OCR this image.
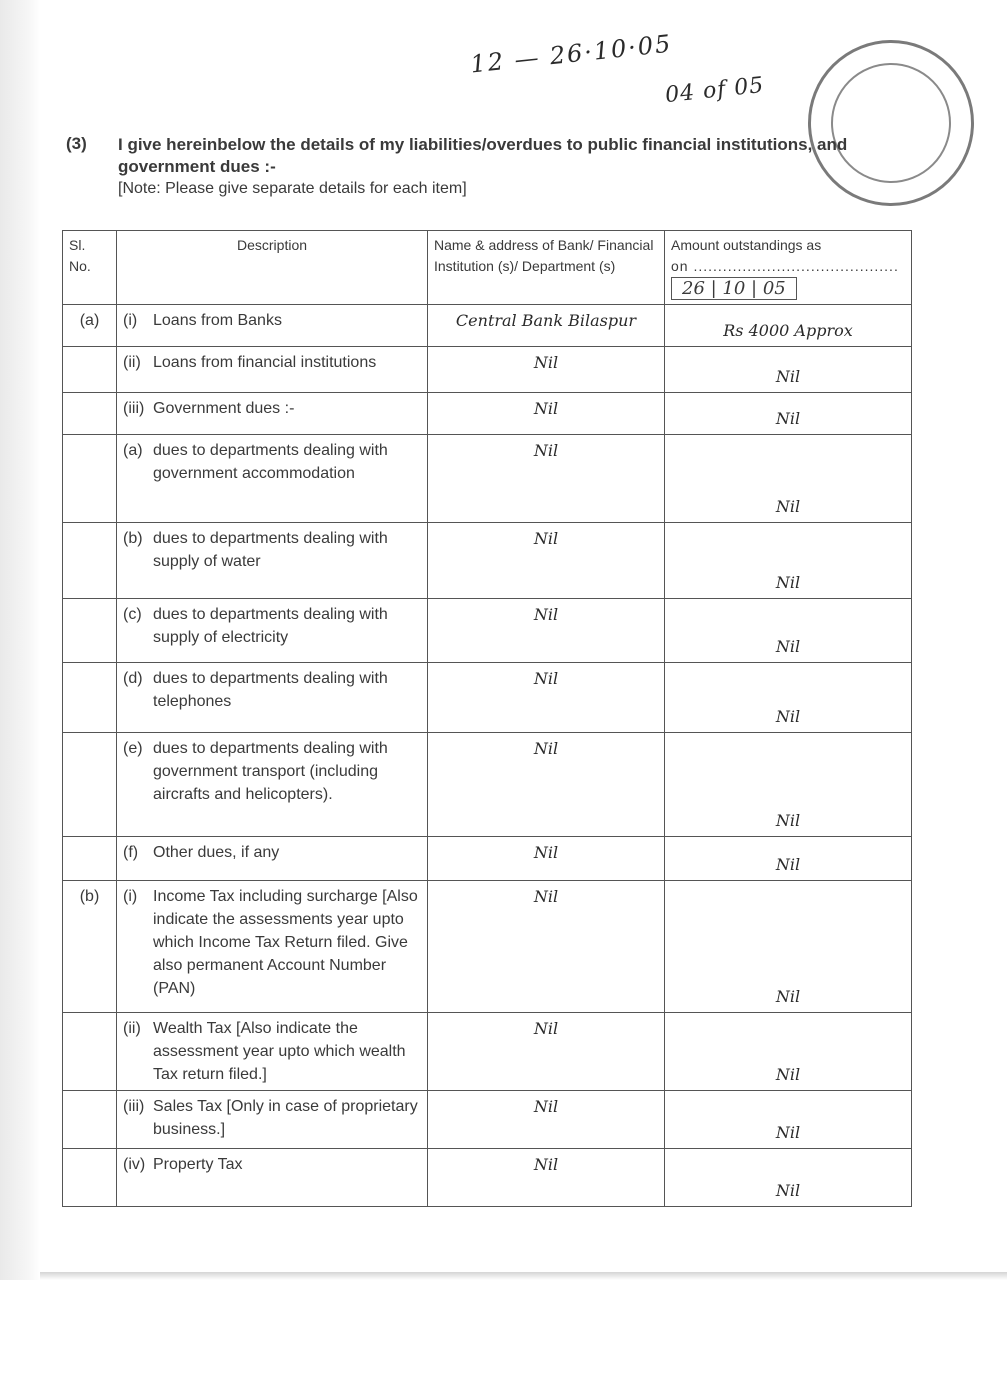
12 — 26·10·05
04 of 05
(3) I give hereinbelow the details of my liabilities/overdues to public financial institutions, and government dues :-
[Note: Please give separate details for each item]
Sl. No.	Description	Name & address of Bank/ Financial Institution (s)/ Department (s)	Amount outstandings as
on ..........................................
26 | 10 | 05
(a)	(i) Loans from Banks	Central Bank Bilaspur	Rs 4000 Approx

	(ii) Loans from financial institutions	Nil	Nil

	(iii) Government dues :-	Nil	Nil

	(a) dues to departments dealing with government accommodation	Nil	Nil

	(b) dues to departments dealing with supply of water	Nil	Nil

	(c) dues to departments dealing with supply of electricity	Nil	Nil

	(d) dues to departments dealing with telephones	Nil	Nil

	(e) dues to departments dealing with government transport (including aircrafts and helicopters).	Nil	Nil

	(f) Other dues, if any	Nil	Nil
(b)	(i) Income Tax including surcharge [Also indicate the assessments year upto which Income Tax Return filed. Give also permanent Account Number (PAN)	Nil	Nil

	(ii) Wealth Tax [Also indicate the assessment year upto which wealth Tax return filed.]	Nil	Nil

	(iii) Sales Tax [Only in case of proprietary business.]	Nil	Nil

	(iv) Property Tax	Nil	Nil
